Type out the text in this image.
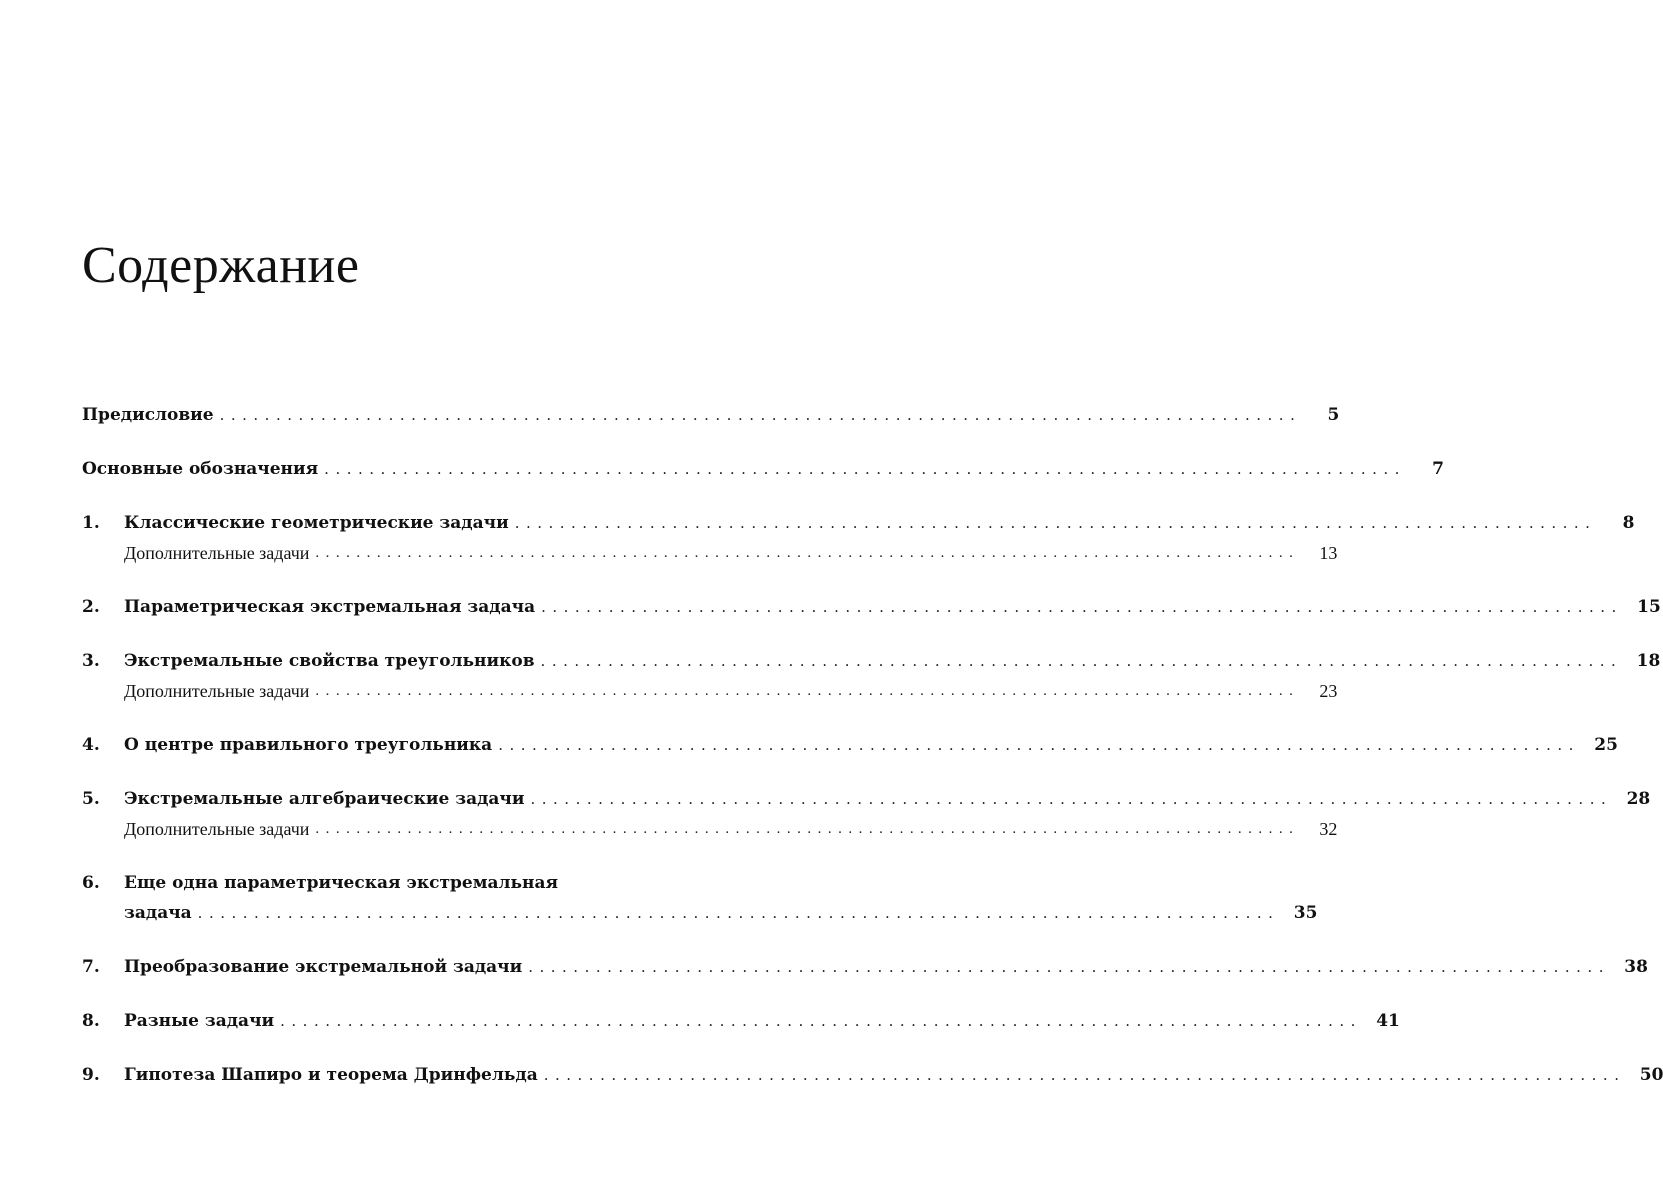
Содержание
Предисловие ................................................................................................	5
Основные обозначения ................................................................................................	7
1.	Классические геометрические задачи ................................................................................................	8
Дополнительные задачи ................................................................................................	13
2.	Параметрическая экстремальная задача ................................................................................................ 15
3.	Экстремальные свойства треугольников ................................................................................................ 18
Дополнительные задачи ................................................................................................	23
4.	О центре правильного треугольника ................................................................................................ 25
5.	Экстремальные алгебраические задачи ................................................................................................ 28
Дополнительные задачи ................................................................................................	32
6.	Еще одна параметрическая экстремальная
задача ................................................................................................ 35
7.	Преобразование экстремальной задачи ................................................................................................ 38
8.	Разные задачи ................................................................................................ 41
9.	Гипотеза Шапиро и теорема Дринфельда ................................................................................................ 50
